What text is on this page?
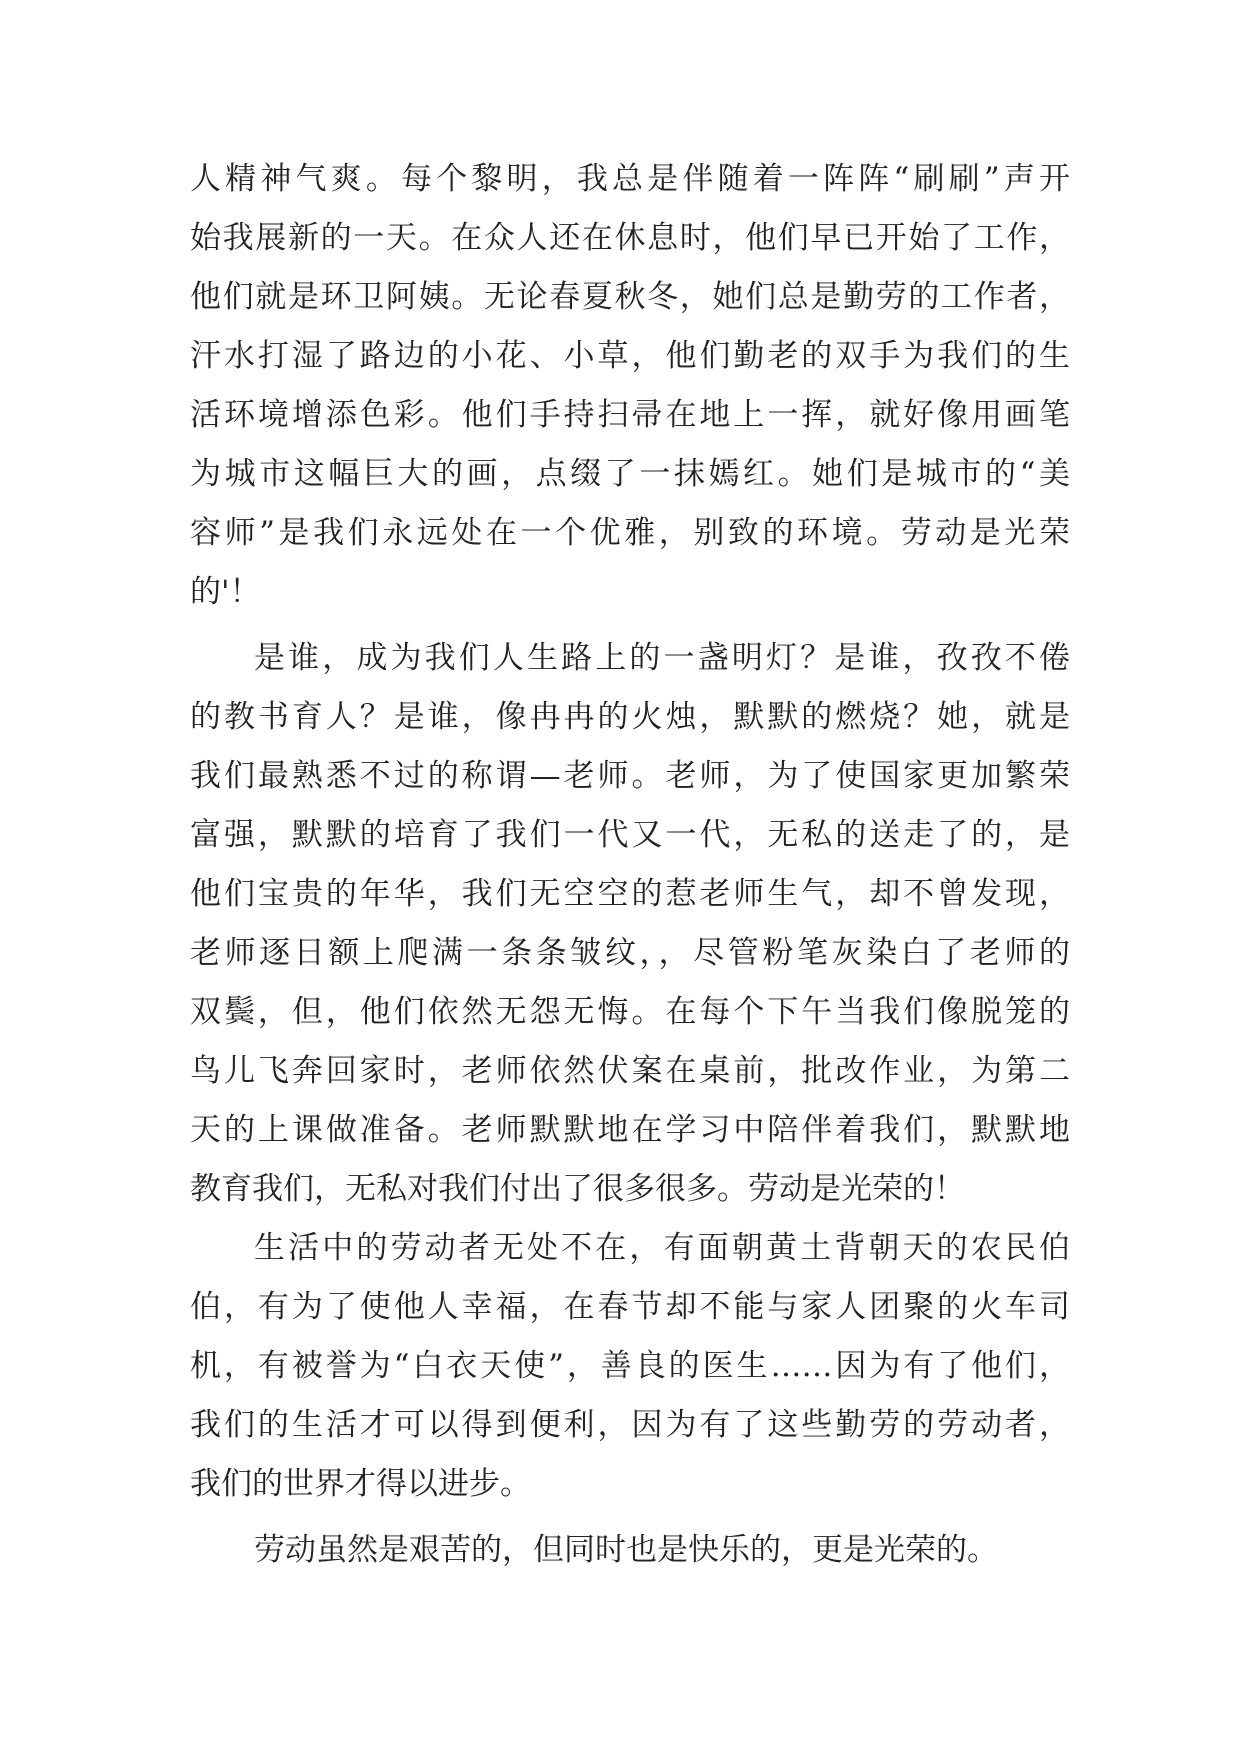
人精神气爽。每个黎明，我总是伴随着一阵阵“刷刷”声开
始我展新的一天。在众人还在休息时，他们早已开始了工作，
他们就是环卫阿姨。无论春夏秋冬，她们总是勤劳的工作者，
汗水打湿了路边的小花、小草，他们勤老的双手为我们的生
活环境增添色彩。他们手持扫帚在地上一挥，就好像用画笔
为城市这幅巨大的画，点缀了一抹嫣红。她们是城市的“美
容师”是我们永远处在一个优雅，别致的环境。劳动是光荣
的'！
是谁，成为我们人生路上的一盏明灯？是谁，孜孜不倦
的教书育人？是谁，像冉冉的火烛，默默的燃烧？她，就是
我们最熟悉不过的称谓—老师。老师，为了使国家更加繁荣
富强，默默的培育了我们一代又一代，无私的送走了的，是
他们宝贵的年华，我们无空空的惹老师生气，却不曾发现，
老师逐日额上爬满一条条皱纹，，尽管粉笔灰染白了老师的
双鬓，但，他们依然无怨无悔。在每个下午当我们像脱笼的
鸟儿飞奔回家时，老师依然伏案在桌前，批改作业，为第二
天的上课做准备。老师默默地在学习中陪伴着我们，默默地
教育我们，无私对我们付出了很多很多。劳动是光荣的！
生活中的劳动者无处不在，有面朝黄土背朝天的农民伯
伯，有为了使他人幸福，在春节却不能与家人团聚的火车司
机，有被誉为“白衣天使”，善良的医生……因为有了他们，
我们的生活才可以得到便利，因为有了这些勤劳的劳动者，
我们的世界才得以进步。
劳动虽然是艰苦的，但同时也是快乐的，更是光荣的。
